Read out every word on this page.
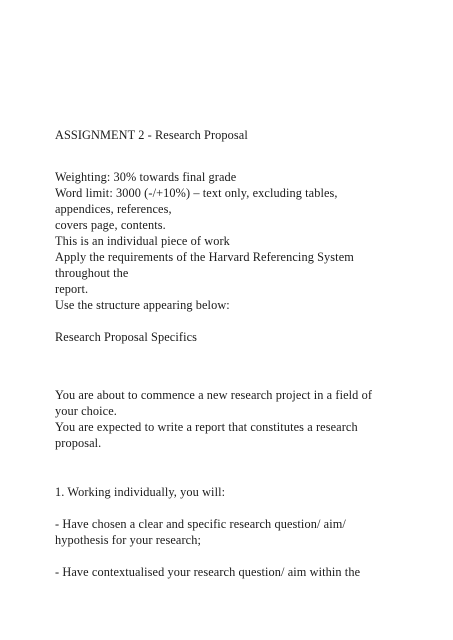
ASSIGNMENT 2 - Research Proposal
Weighting: 30% towards final grade
Word limit: 3000 (-/+10%) – text only, excluding tables,
appendices, references,
covers page, contents.
This is an individual piece of work
Apply the requirements of the Harvard Referencing System
throughout the
report.
Use the structure appearing below:
Research Proposal Specifics
You are about to commence a new research project in a field of
your choice.
You are expected to write a report that constitutes a research
proposal.
1. Working individually, you will:
- Have chosen a clear and specific research question/ aim/
hypothesis for your research;
- Have contextualised your research question/ aim within the
